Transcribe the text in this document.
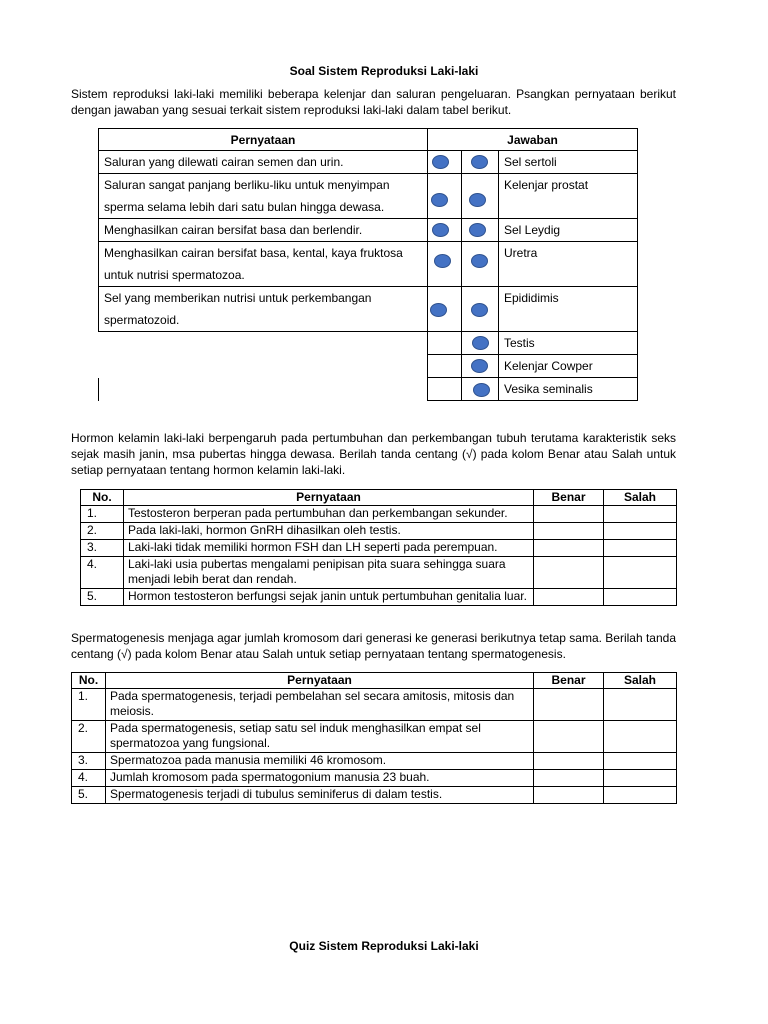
Soal Sistem Reproduksi Laki-laki

Sistem reproduksi laki-laki memiliki beberapa kelenjar dan saluran pengeluaran. Psangkan pernyataan berikut dengan jawaban yang sesuai terkait sistem reproduksi laki-laki dalam tabel berikut.

Pernyataan	Jawaban		
Saluran yang dilewati cairan semen dan urin.			Sel sertoli
Saluran sangat panjang berliku-liku untuk menyimpan sperma selama lebih dari satu bulan hingga dewasa.			Kelenjar prostat
Menghasilkan cairan bersifat basa dan berlendir.			Sel Leydig
Menghasilkan cairan bersifat basa, kental, kaya fruktosa untuk nutrisi spermatozoa.			Uretra
Sel yang memberikan nutrisi untuk perkembangan spermatozoid.			Epididimis

	Testis

	Kelenjar Cowper

	Vesika seminalis

Hormon kelamin laki-laki berpengaruh pada pertumbuhan dan perkembangan tubuh terutama karakteristik seks sejak masih janin, msa pubertas hingga dewasa. Berilah tanda centang (√) pada kolom Benar atau Salah untuk setiap pernyataan tentang hormon kelamin laki-laki.

No.	Pernyataan	Benar	Salah
1.	Testosteron berperan pada pertumbuhan dan perkembangan sekunder.		
2.	Pada laki-laki, hormon GnRH dihasilkan oleh testis.		
3.	Laki-laki tidak memiliki hormon FSH dan LH seperti pada perempuan.		
4.	Laki-laki usia pubertas mengalami penipisan pita suara sehingga suara menjadi lebih berat dan rendah.		
5.	Hormon testosteron berfungsi sejak janin untuk pertumbuhan genitalia luar.		

Spermatogenesis menjaga agar jumlah kromosom dari generasi ke generasi berikutnya tetap sama. Berilah tanda centang (√) pada kolom Benar atau Salah untuk setiap pernyataan tentang spermatogenesis.

No.	Pernyataan	Benar	Salah
1.	Pada spermatogenesis, terjadi pembelahan sel secara amitosis, mitosis dan meiosis.		
2.	Pada spermatogenesis, setiap satu sel induk menghasilkan empat sel spermatozoa yang fungsional.		
3.	Spermatozoa pada manusia memiliki 46 kromosom.		
4.	Jumlah kromosom pada spermatogonium manusia 23 buah.		
5.	Spermatogenesis terjadi di tubulus seminiferus di dalam testis.		
Quiz Sistem Reproduksi Laki-laki
